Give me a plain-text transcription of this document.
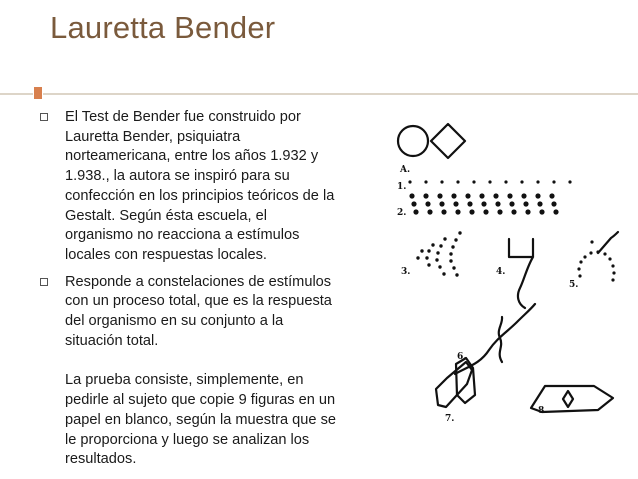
Lauretta Bender
El Test de Bender fue construido por
Lauretta Bender, psiquiatra
norteamericana, entre los años 1.932 y
1.938., la autora se inspiró para su
confección en los principios teóricos de la
Gestalt. Según ésta escuela, el
organismo no reacciona a estímulos
locales con respuestas locales.
Responde a constelaciones de estímulos
con un proceso total, que es la respuesta
del organismo en su conjunto a la
situación total.
La prueba consiste, simplemente, en
pedirle al sujeto que copie 9 figuras en un
papel en blanco, según la muestra que se
le proporciona y luego se analizan los
resultados.
A.
1.
2.
3.	4.
5.
6.
7.
8.
